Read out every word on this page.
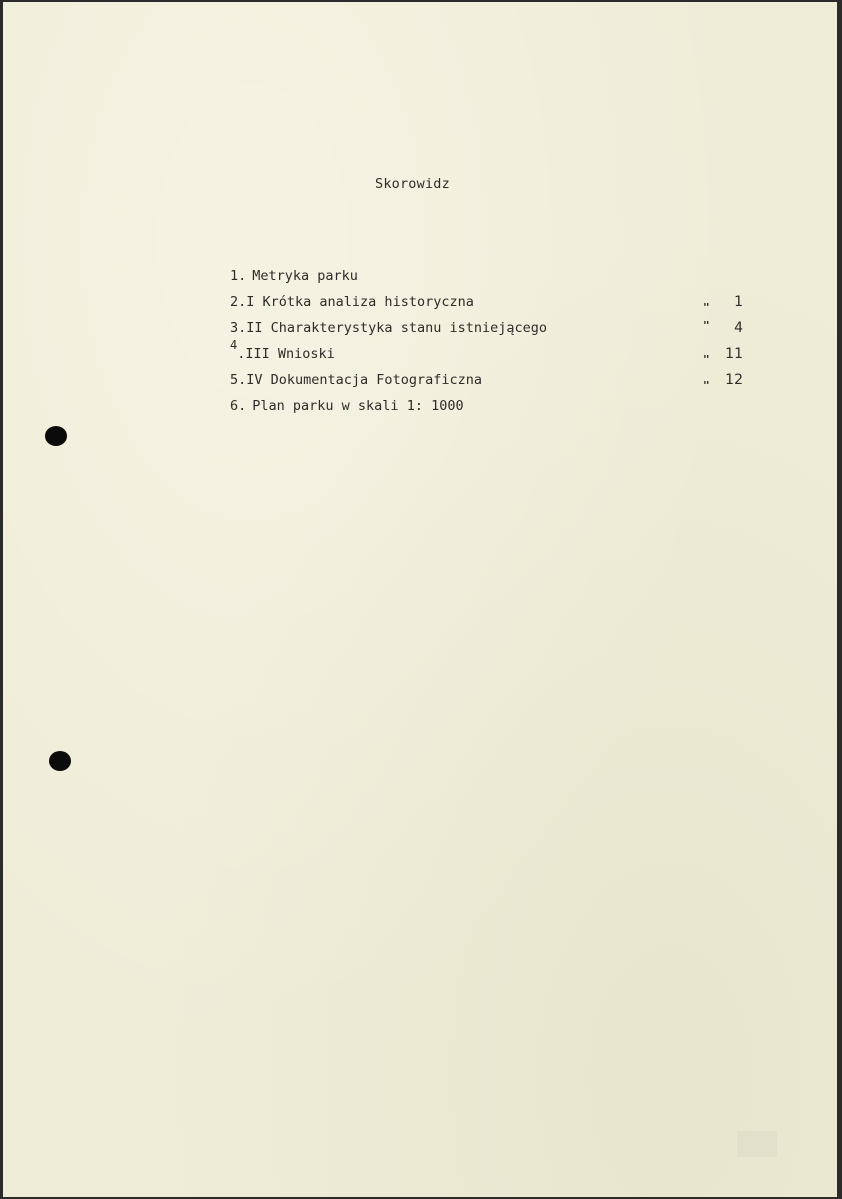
Skorowidz
1. Metryka parku
2.I Krótka analiza historyczna	" 1
3.II Charakterystyka stanu istniejącego	" 4
4.III Wnioski	" 11
5.IV Dokumentacja Fotograficzna	" 12
6. Plan parku w skali 1: 1000
